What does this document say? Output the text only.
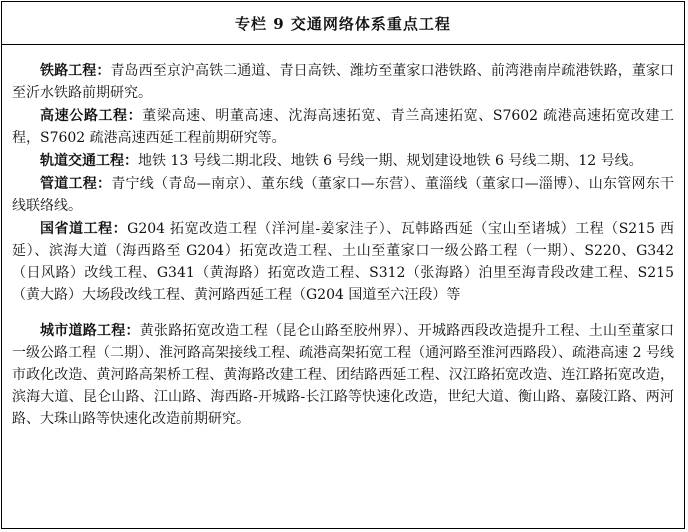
专栏 9 交通网络体系重点工程

铁路工程：青岛西至京沪高铁二通道、青日高铁、潍坊至董家口港铁路、前湾港南岸疏港铁路，董家口至沂水铁路前期研究。

高速公路工程：董梁高速、明董高速、沈海高速拓宽、青兰高速拓宽、S7602 疏港高速拓宽改建工程，S7602 疏港高速西延工程前期研究等。

轨道交通工程：地铁 13 号线二期北段、地铁 6 号线一期、规划建设地铁 6 号线二期、12 号线。

管道工程：青宁线（青岛—南京）、董东线（董家口—东营）、董淄线（董家口—淄博）、山东管网东干线联络线。

国省道工程：G204 拓宽改造工程（洋河崖-姜家洼子）、瓦韩路西延（宝山至诸城）工程（S215 西延）、滨海大道（海西路至 G204）拓宽改造工程、土山至董家口一级公路工程（一期）、S220、G342（日风路）改线工程、G341（黄海路）拓宽改造工程、S312（张海路）泊里至海青段改建工程、S215（黄大路）大场段改线工程、黄河路西延工程（G204 国道至六汪段）等

城市道路工程：黄张路拓宽改造工程（昆仑山路至胶州界）、开城路西段改造提升工程、土山至董家口一级公路工程（二期）、淮河路高架接线工程、疏港高架拓宽工程（通河路至淮河西路段）、疏港高速 2 号线市政化改造、黄河路高架桥工程、黄海路改建工程、团结路西延工程、汉江路拓宽改造、连江路拓宽改造，滨海大道、昆仑山路、江山路、海西路-开城路-长江路等快速化改造，世纪大道、衡山路、嘉陵江路、两河路、大珠山路等快速化改造前期研究。
